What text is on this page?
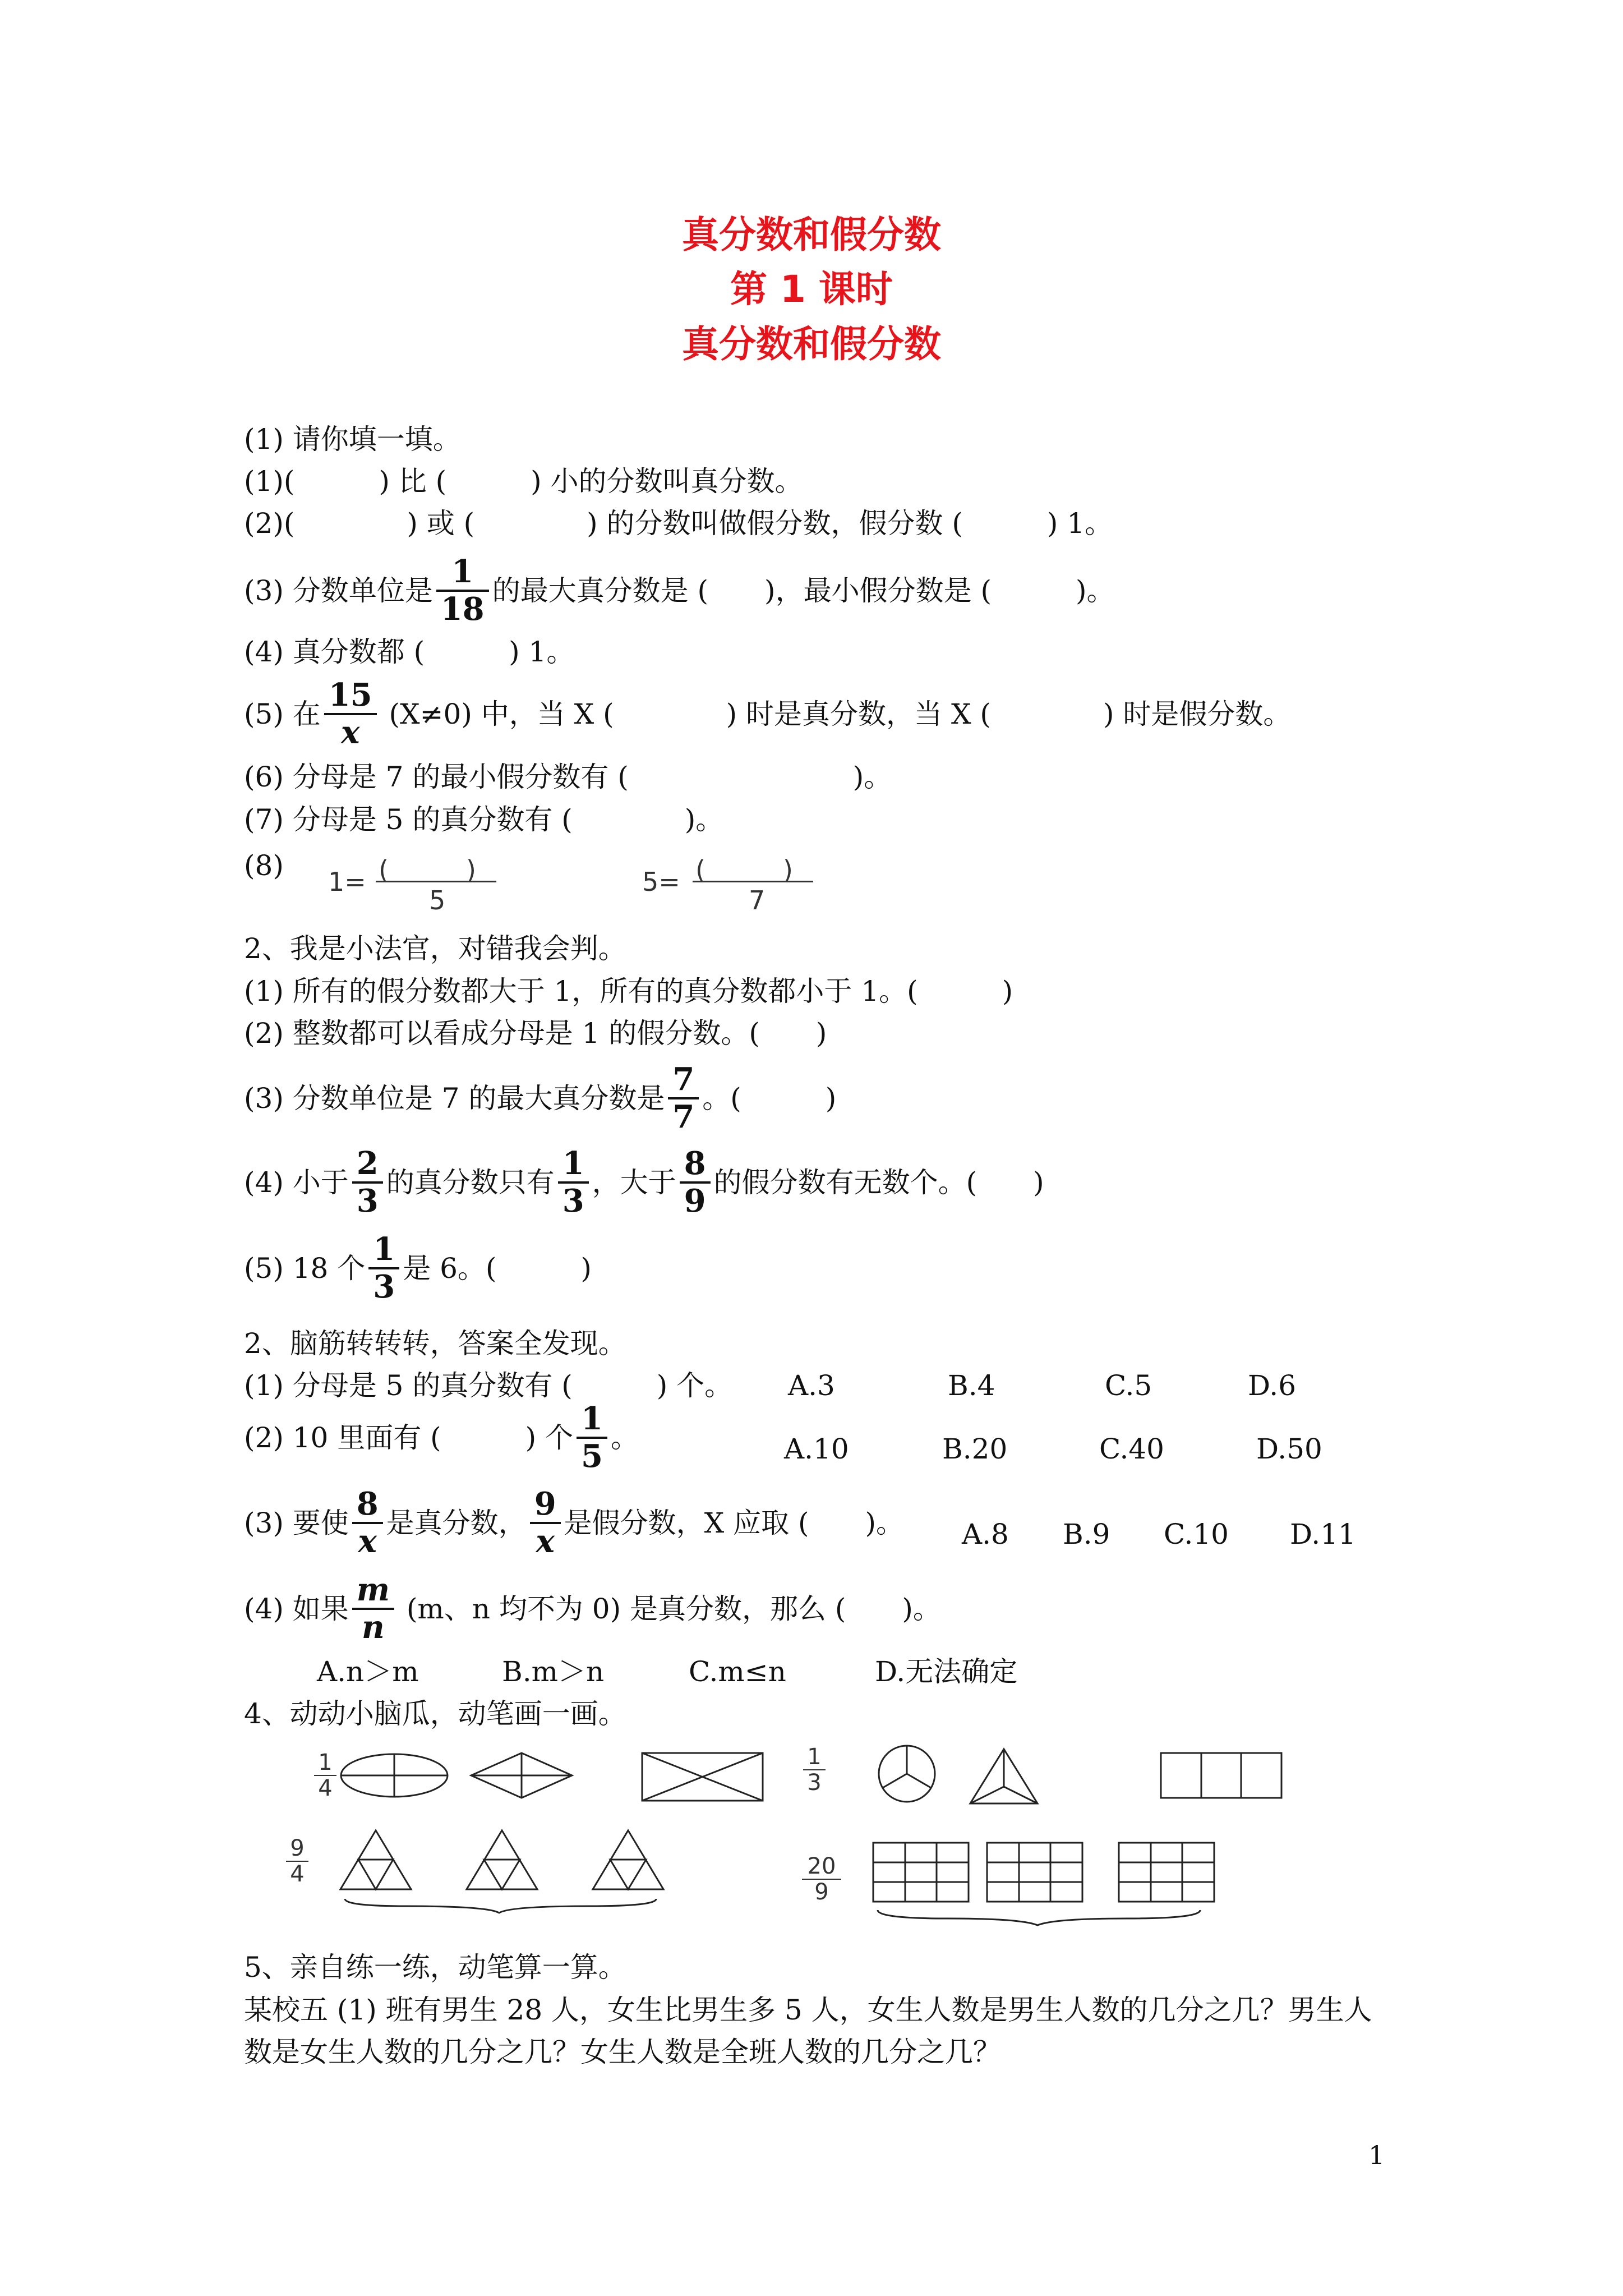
真分数和假分数
第 1 课时
真分数和假分数
(1) 请你填一填。
(1)(　　　) 比 (　　　) 小的分数叫真分数。
(2)(　　　　) 或 (　　　　) 的分数叫做假分数，假分数 (　　　) 1。
(3) 分数单位是 $\frac{1}{18}$ 的最大真分数是 (　　)，最小假分数是 (　　　)。
(4) 真分数都 (　　　) 1。
(5) 在 $\frac{15}{x} (X\ne 0)$ 中，当 X (　　　　) 时是真分数，当 X (　　　　) 时是假分数。
(6) 分母是 7 的最小假分数有 (　　　　　　　　)。
(7) 分母是 5 的真分数有 (　　　　)。
(8) 1= (　　　)
5
5= (　　　)
7
2、我是小法官，对错我会判。
(1) 所有的假分数都大于 1，所有的真分数都小于 1。(　　　)
(2) 整数都可以看成分母是 1 的假分数。(　　)
(3) 分数单位是 7 的最大真分数是 $\frac{7}{7}$ 。(　　　)
(4) 小于 $\frac{2}{3}$ 的真分数只有 $\frac{1}{3}$ ，大于 $\frac{8}{9}$ 的假分数有无数个。(　　)
(5) 18 个 $\frac{1}{3}$ 是 6。(　　　)
2、脑筋转转转，答案全发现。
(1) 分母是 5 的真分数有 (　　　) 个。 A.3	B.4	C.5	D.6
(2) 10 里面有 (　　　) 个 $\frac{1}{5}$ 。	A.10	B.20	C.40	D.50
(3) 要使 $\frac{8}{x}$ 是真分数， $\frac{9}{x}$ 是假分数，X 应取 (　　)。 A.8 B.9 C.10 D.11
(4) 如果 $\frac{m}{n} (m$、n 均不为 0) 是真分数，那么 (　　)。
A.n＞m	B.m＞n	C.m≤n	D.无法确定
4、动动小脑瓜，动笔画一画。
1
4
1
3
9
4	20
9
5、亲自练一练，动笔算一算。
某校五 (1) 班有男生 28 人，女生比男生多 5 人，女生人数是男生人数的几分之几？男生人
数是女生人数的几分之几？女生人数是全班人数的几分之几？
1
